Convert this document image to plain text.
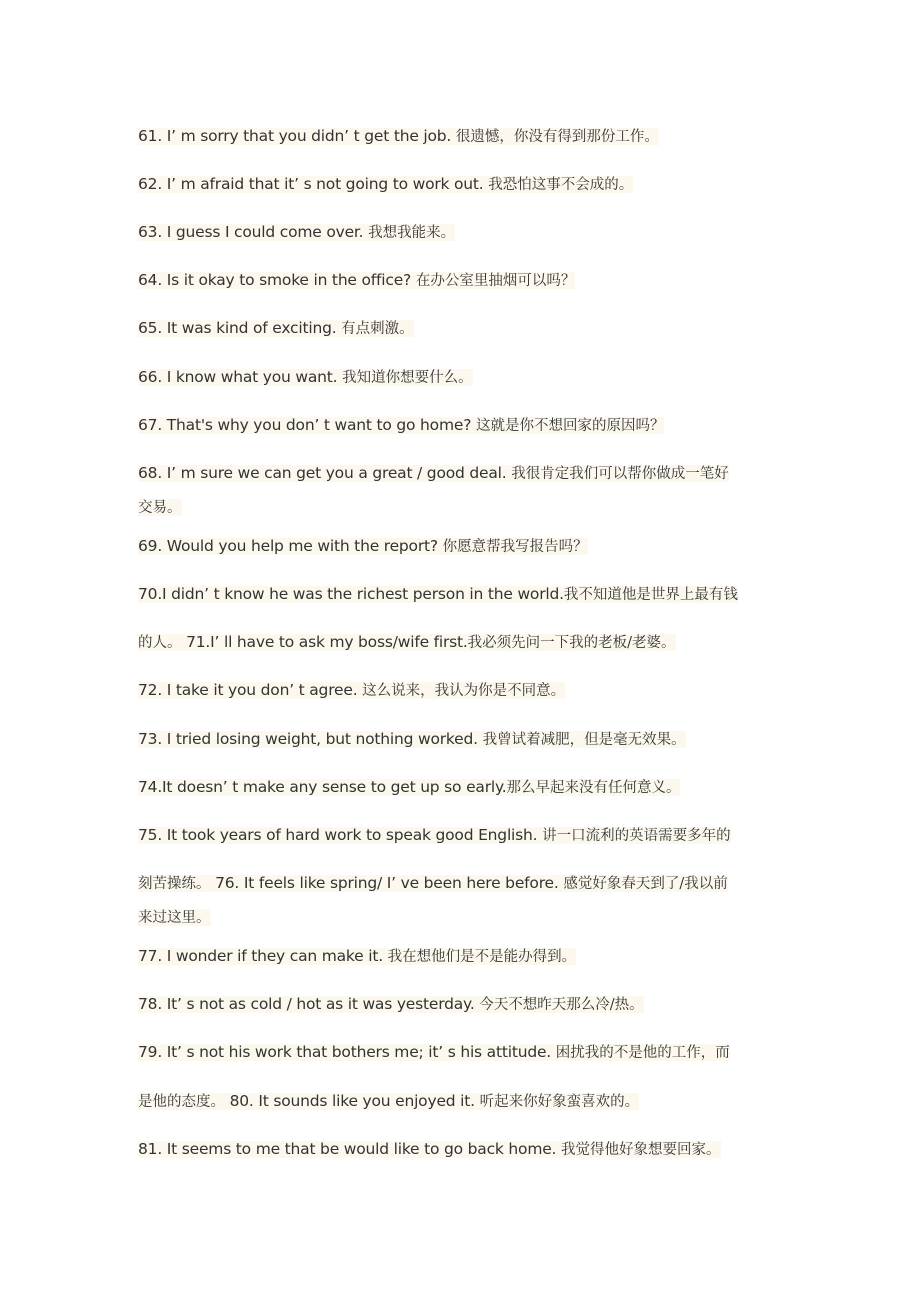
61. I’ m sorry that you didn’ t get the job. 很遗憾，你没有得到那份工作。
62. I’ m afraid that it’ s not going to work out. 我恐怕这事不会成的。
63. I guess I could come over. 我想我能来。
64. Is it okay to smoke in the office? 在办公室里抽烟可以吗？
65. It was kind of exciting. 有点刺激。
66. I know what you want. 我知道你想要什么。
67. That's why you don’ t want to go home? 这就是你不想回家的原因吗？
68. I’ m sure we can get you a great / good deal. 我很肯定我们可以帮你做成一笔好
交易。
69. Would you help me with the report? 你愿意帮我写报告吗？
70.I didn’ t know he was the richest person in the world.我不知道他是世界上最有钱
的人。 71.I’ ll have to ask my boss/wife first.我必须先问一下我的老板/老婆。
72. I take it you don’ t agree. 这么说来，我认为你是不同意。
73. I tried losing weight, but nothing worked. 我曾试着减肥，但是毫无效果。
74.It doesn’ t make any sense to get up so early.那么早起来没有任何意义。
75. It took years of hard work to speak good English. 讲一口流利的英语需要多年的
刻苦操练。 76. It feels like spring/ I’ ve been here before. 感觉好象春天到了/我以前
来过这里。
77. I wonder if they can make it. 我在想他们是不是能办得到。
78. It’ s not as cold / hot as it was yesterday. 今天不想昨天那么冷/热。
79. It’ s not his work that bothers me; it’ s his attitude. 困扰我的不是他的工作，而
是他的态度。 80. It sounds like you enjoyed it. 听起来你好象蛮喜欢的。
81. It seems to me that be would like to go back home. 我觉得他好象想要回家。
